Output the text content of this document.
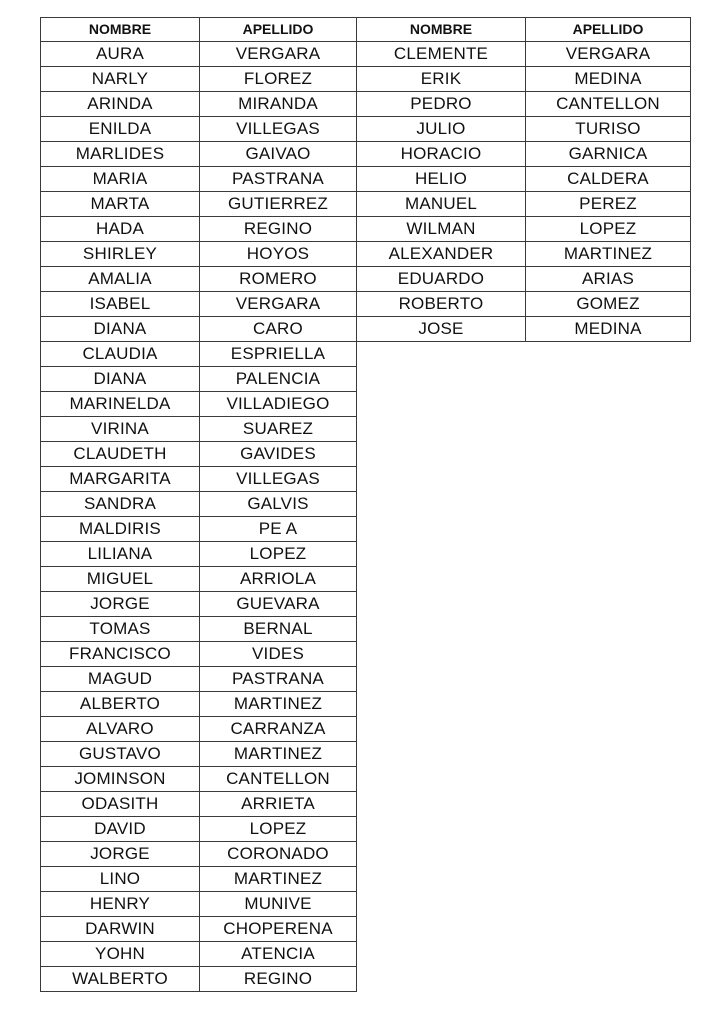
NOMBRE	APELLIDO
AURA	VERGARA
NARLY	FLOREZ
ARINDA	MIRANDA
ENILDA	VILLEGAS
MARLIDES	GAIVAO
MARIA	PASTRANA
MARTA	GUTIERREZ
HADA	REGINO
SHIRLEY	HOYOS
AMALIA	ROMERO
ISABEL	VERGARA
DIANA	CARO
CLAUDIA	ESPRIELLA
DIANA	PALENCIA
MARINELDA	VILLADIEGO
VIRINA	SUAREZ
CLAUDETH	GAVIDES
MARGARITA	VILLEGAS
SANDRA	GALVIS
MALDIRIS	PE A
LILIANA	LOPEZ
MIGUEL	ARRIOLA
JORGE	GUEVARA
TOMAS	BERNAL
FRANCISCO	VIDES
MAGUD	PASTRANA
ALBERTO	MARTINEZ
ALVARO	CARRANZA
GUSTAVO	MARTINEZ
JOMINSON	CANTELLON
ODASITH	ARRIETA
DAVID	LOPEZ
JORGE	CORONADO
LINO	MARTINEZ
HENRY	MUNIVE
DARWIN	CHOPERENA
YOHN	ATENCIA
WALBERTO	REGINO
NOMBRE	APELLIDO
CLEMENTE	VERGARA
ERIK	MEDINA
PEDRO	CANTELLON
JULIO	TURISO
HORACIO	GARNICA
HELIO	CALDERA
MANUEL	PEREZ
WILMAN	LOPEZ
ALEXANDER	MARTINEZ
EDUARDO	ARIAS
ROBERTO	GOMEZ
JOSE	MEDINA
